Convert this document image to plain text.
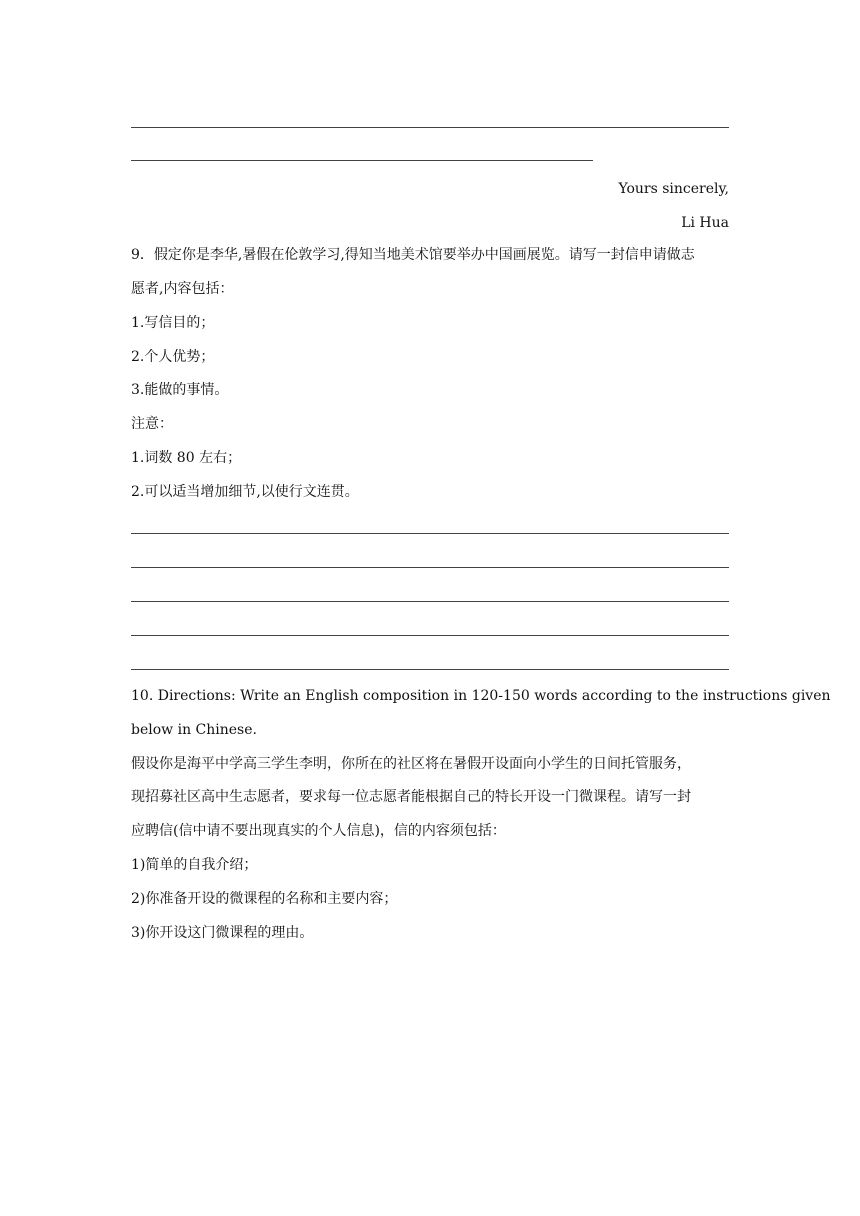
Yours sincerely,
Li Hua
9．假定你是李华,暑假在伦敦学习,得知当地美术馆要举办中国画展览。请写一封信申请做志
愿者,内容包括：
1.写信目的；
2.个人优势；
3.能做的事情。
注意：
1.词数 80 左右；
2.可以适当增加细节,以使行文连贯。
10. Directions: Write an English composition in 120-150 words according to the instructions given
below in Chinese.
假设你是海平中学高三学生李明，你所在的社区将在暑假开设面向小学生的日间托管服务，
现招募社区高中生志愿者，要求每一位志愿者能根据自己的特长开设一门微课程。请写一封
应聘信(信中请不要出现真实的个人信息)，信的内容须包括：
1)简单的自我介绍；
2)你准备开设的微课程的名称和主要内容；
3)你开设这门微课程的理由。
